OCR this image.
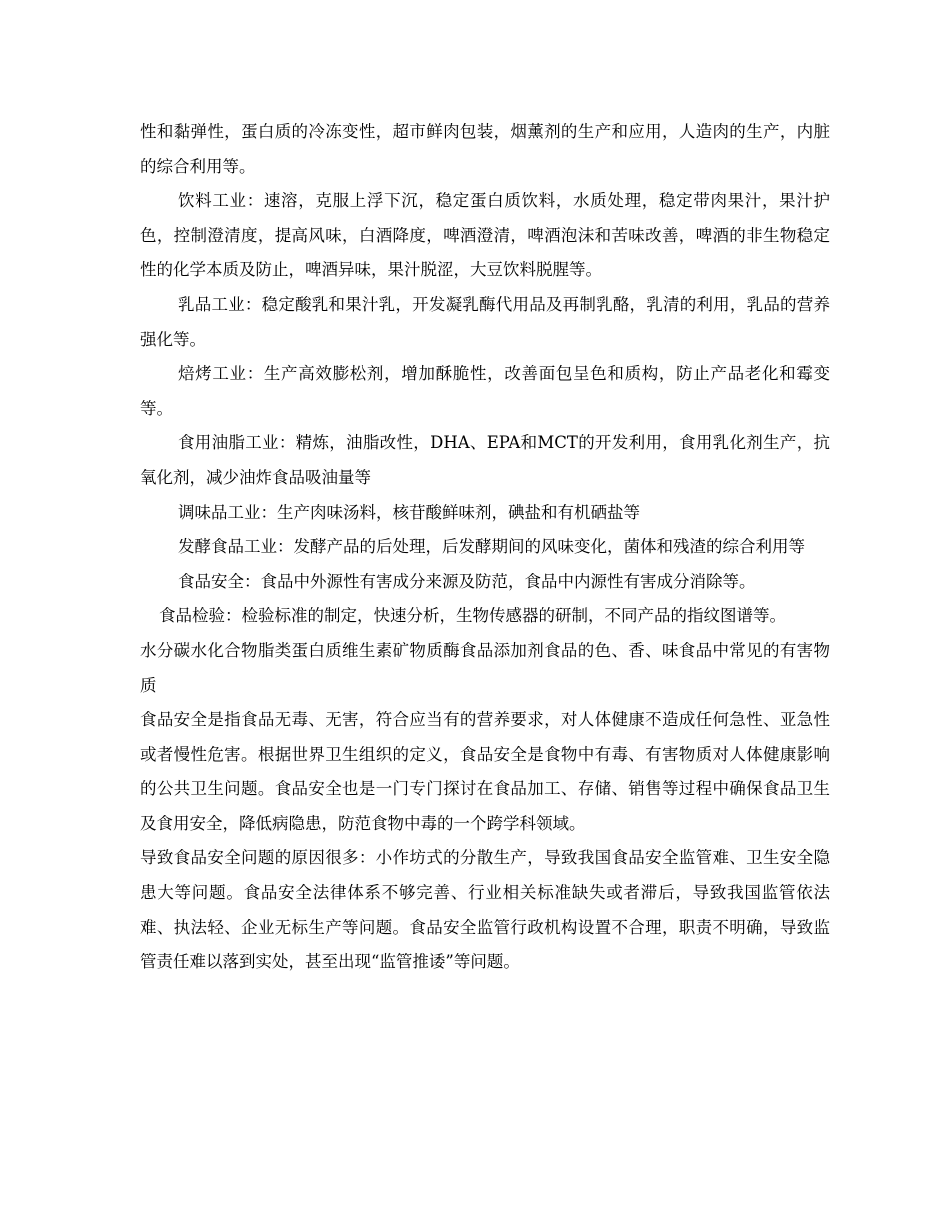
性和黏弹性，蛋白质的冷冻变性，超市鲜肉包装，烟薰剂的生产和应用，人造肉的生产，内脏的综合利用等。

饮料工业：速溶，克服上浮下沉，稳定蛋白质饮料，水质处理，稳定带肉果汁，果汁护色，控制澄清度，提高风味，白酒降度，啤酒澄清，啤酒泡沫和苦味改善，啤酒的非生物稳定性的化学本质及防止，啤酒异味，果汁脱涩，大豆饮料脱腥等。

乳品工业：稳定酸乳和果汁乳，开发凝乳酶代用品及再制乳酪，乳清的利用，乳品的营养强化等。

焙烤工业：生产高效膨松剂，增加酥脆性，改善面包呈色和质构，防止产品老化和霉变等。

食用油脂工业：精炼，油脂改性，DHA、EPA和MCT的开发利用，食用乳化剂生产，抗氧化剂，减少油炸食品吸油量等

调味品工业：生产肉味汤料，核苷酸鲜味剂，碘盐和有机硒盐等

发酵食品工业：发酵产品的后处理，后发酵期间的风味变化，菌体和残渣的综合利用等

食品安全：食品中外源性有害成分来源及防范，食品中内源性有害成分消除等。

食品检验：检验标准的制定，快速分析，生物传感器的研制，不同产品的指纹图谱等。

水分碳水化合物脂类蛋白质维生素矿物质酶食品添加剂食品的色、香、味食品中常见的有害物质

食品安全是指食品无毒、无害，符合应当有的营养要求，对人体健康不造成任何急性、亚急性或者慢性危害。根据世界卫生组织的定义，食品安全是食物中有毒、有害物质对人体健康影响的公共卫生问题。食品安全也是一门专门探讨在食品加工、存储、销售等过程中确保食品卫生及食用安全，降低病隐患，防范食物中毒的一个跨学科领域。

导致食品安全问题的原因很多：小作坊式的分散生产，导致我国食品安全监管难、卫生安全隐患大等问题。食品安全法律体系不够完善、行业相关标准缺失或者滞后，导致我国监管依法难、执法轻、企业无标生产等问题。食品安全监管行政机构设置不合理，职责不明确，导致监管责任难以落到实处，甚至出现“监管推诿”等问题。
